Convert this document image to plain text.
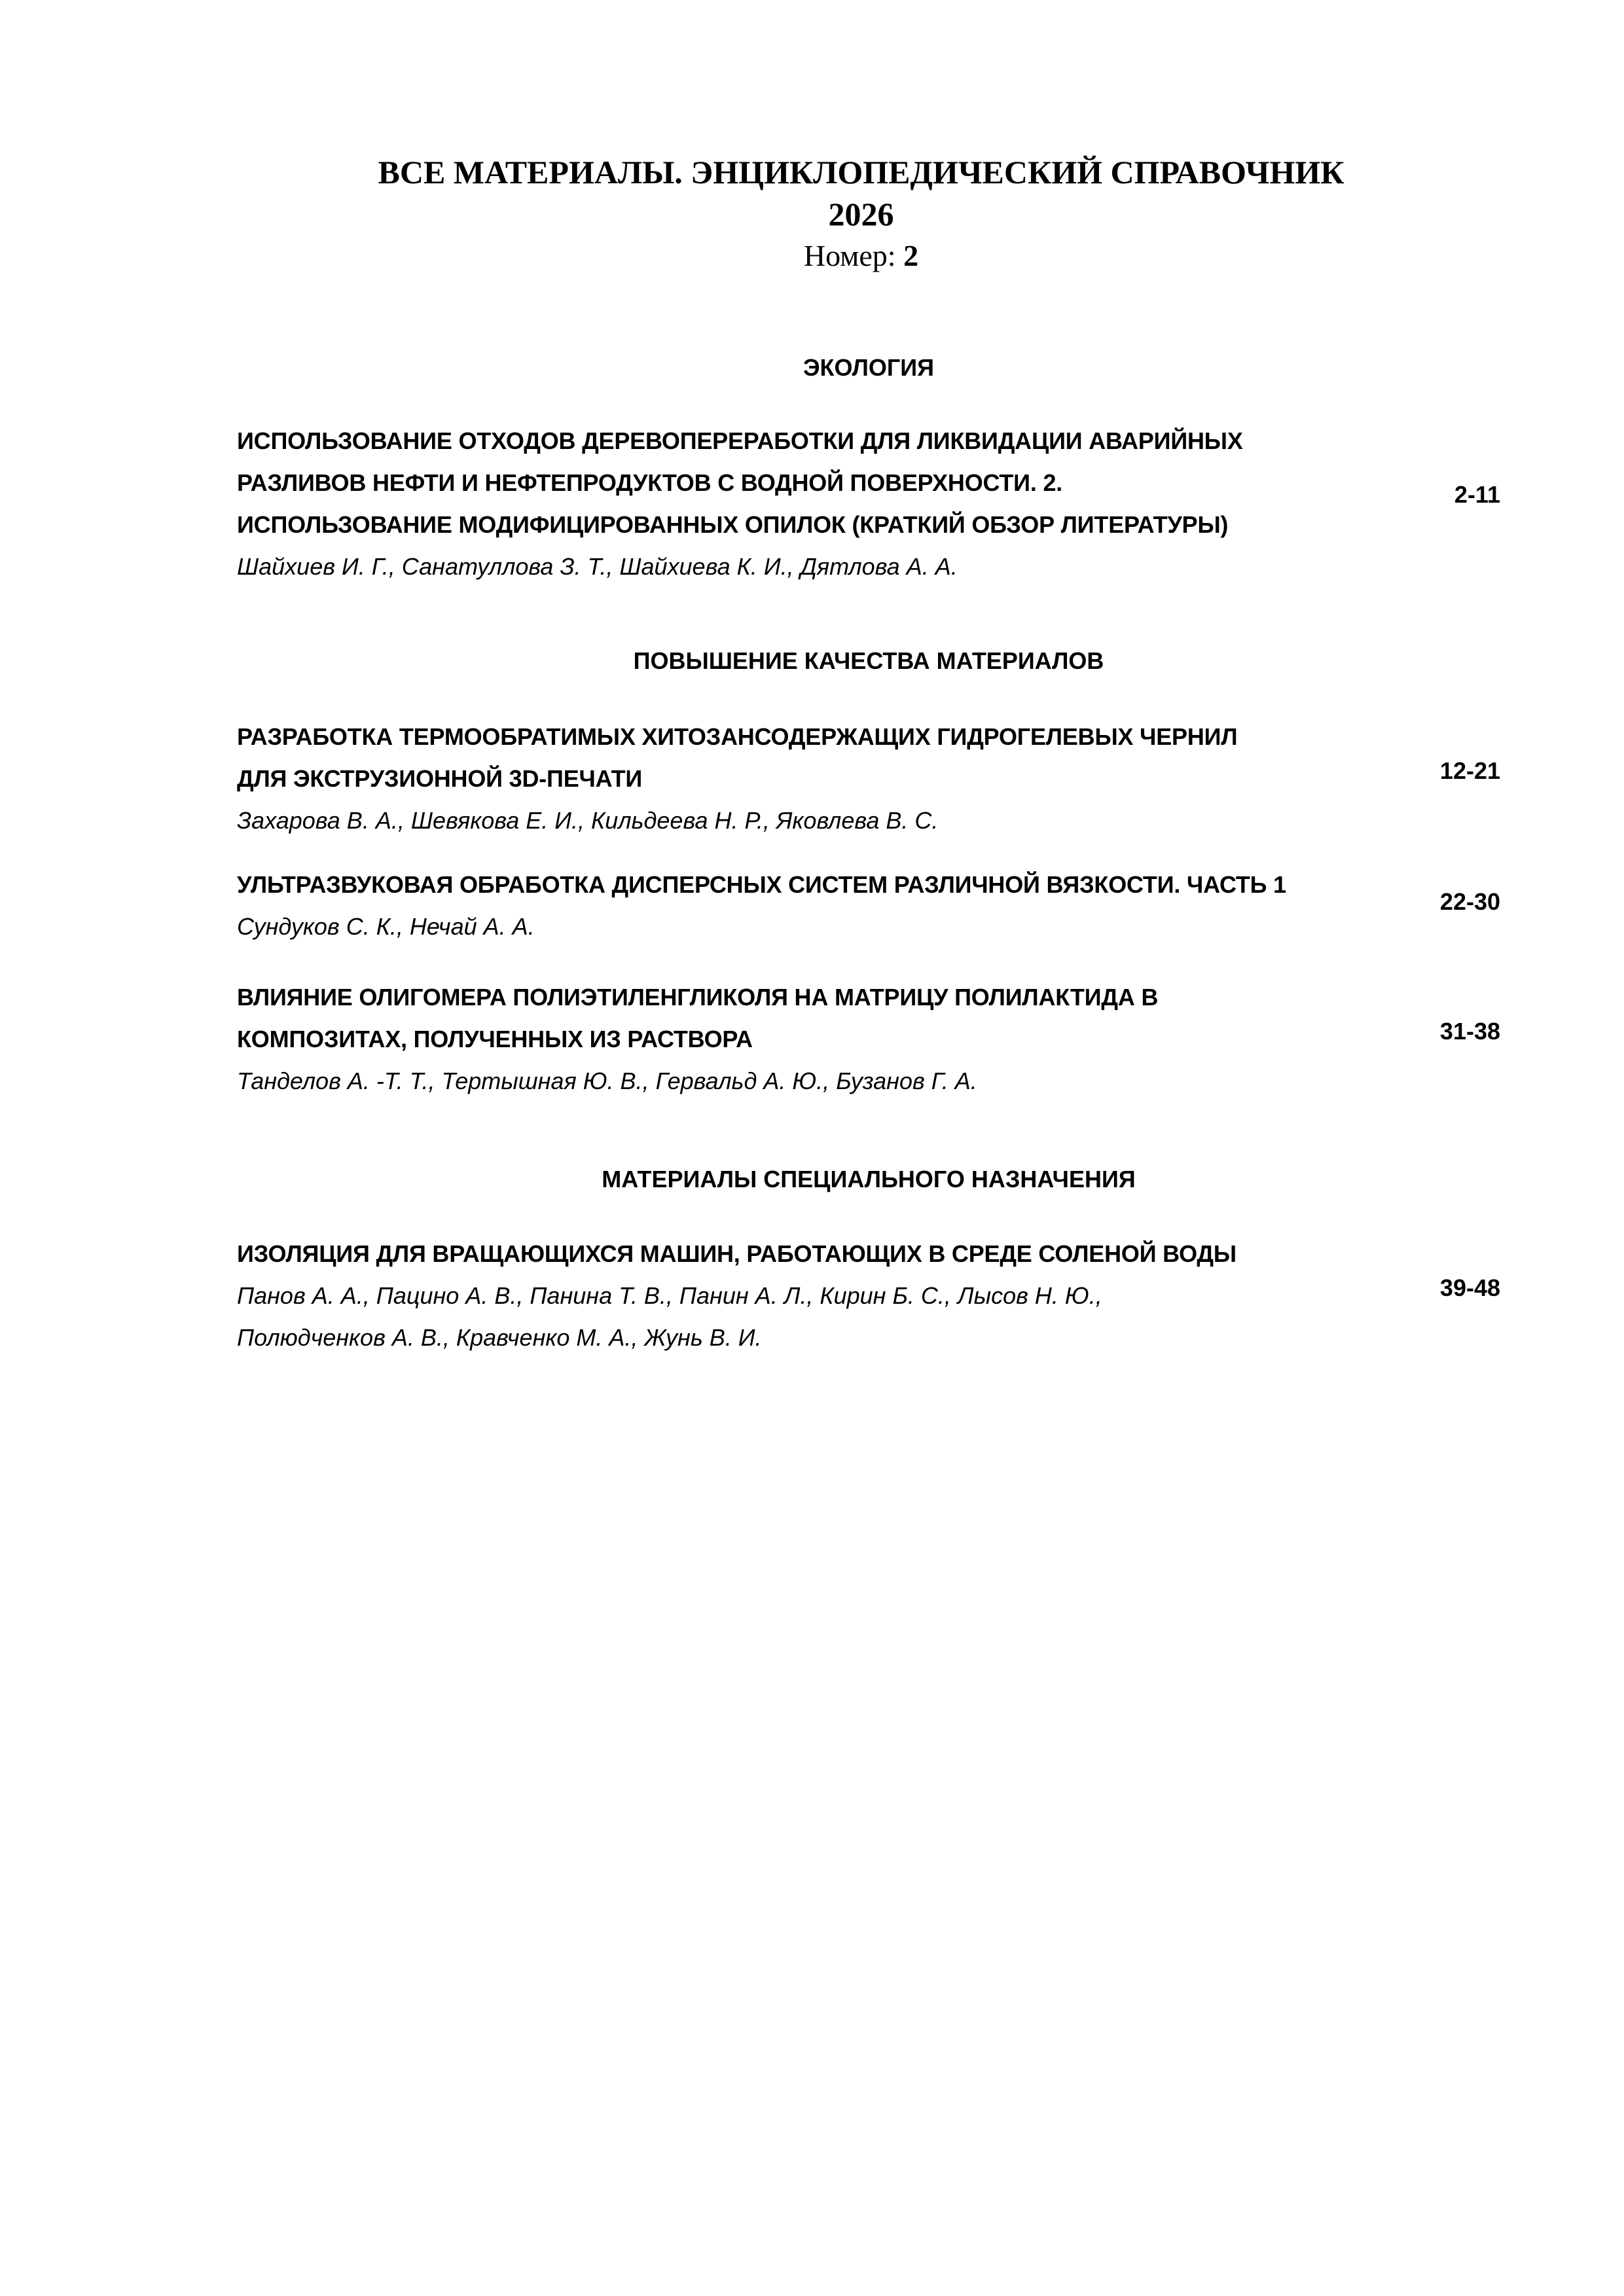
ВСЕ МАТЕРИАЛЫ. ЭНЦИКЛОПЕДИЧЕСКИЙ СПРАВОЧНИК
2026
Номер: 2
ЭКОЛОГИЯ
ИСПОЛЬЗОВАНИЕ ОТХОДОВ ДЕРЕВОПЕРЕРАБОТКИ ДЛЯ ЛИКВИДАЦИИ АВАРИЙНЫХ
РАЗЛИВОВ НЕФТИ И НЕФТЕПРОДУКТОВ С ВОДНОЙ ПОВЕРХНОСТИ. 2.
ИСПОЛЬЗОВАНИЕ МОДИФИЦИРОВАННЫХ ОПИЛОК (КРАТКИЙ ОБЗОР ЛИТЕРАТУРЫ)
Шайхиев И. Г., Санатуллова З. Т., Шайхиева К. И., Дятлова А. А.
2-11
ПОВЫШЕНИЕ КАЧЕСТВА МАТЕРИАЛОВ
РАЗРАБОТКА ТЕРМООБРАТИМЫХ ХИТОЗАНСОДЕРЖАЩИХ ГИДРОГЕЛЕВЫХ ЧЕРНИЛ
ДЛЯ ЭКСТРУЗИОННОЙ 3D-ПЕЧАТИ
Захарова В. А., Шевякова Е. И., Кильдеева Н. Р., Яковлева В. С.
12-21
УЛЬТРАЗВУКОВАЯ ОБРАБОТКА ДИСПЕРСНЫХ СИСТЕМ РАЗЛИЧНОЙ ВЯЗКОСТИ. ЧАСТЬ 1
Сундуков С. К., Нечай А. А.
22-30
ВЛИЯНИЕ ОЛИГОМЕРА ПОЛИЭТИЛЕНГЛИКОЛЯ НА МАТРИЦУ ПОЛИЛАКТИДА В
КОМПОЗИТАХ, ПОЛУЧЕННЫХ ИЗ РАСТВОРА
Танделов А. -Т. Т., Тертышная Ю. В., Гервальд А. Ю., Бузанов Г. А.
31-38
МАТЕРИАЛЫ СПЕЦИАЛЬНОГО НАЗНАЧЕНИЯ
ИЗОЛЯЦИЯ ДЛЯ ВРАЩАЮЩИХСЯ МАШИН, РАБОТАЮЩИХ В СРЕДЕ СОЛЕНОЙ ВОДЫ
Панов А. А., Пацино А. В., Панина Т. В., Панин А. Л., Кирин Б. С., Лысов Н. Ю.,
Полюдченков А. В., Кравченко М. А., Жунь В. И.
39-48
